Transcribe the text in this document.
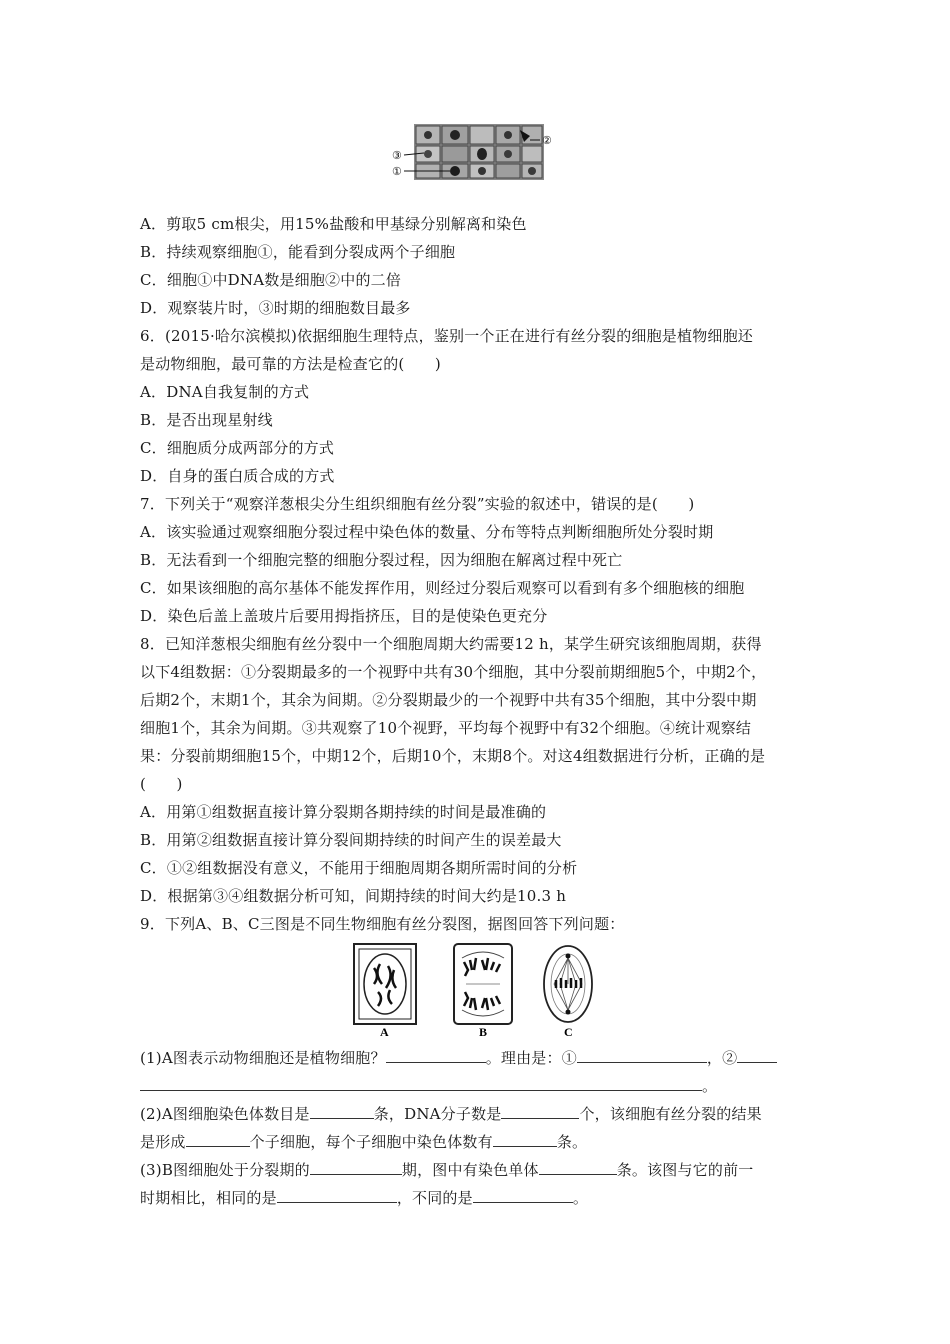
③
①
②
A．剪取5 cm根尖，用15%盐酸和甲基绿分别解离和染色
B．持续观察细胞①，能看到分裂成两个子细胞
C．细胞①中DNA数是细胞②中的二倍
D．观察装片时，③时期的细胞数目最多
6．(2015·哈尔滨模拟)依据细胞生理特点，鉴别一个正在进行有丝分裂的细胞是植物细胞还
是动物细胞，最可靠的方法是检查它的(　　)
A．DNA自我复制的方式
B．是否出现星射线
C．细胞质分成两部分的方式
D．自身的蛋白质合成的方式
7．下列关于“观察洋葱根尖分生组织细胞有丝分裂”实验的叙述中，错误的是(　　)
A．该实验通过观察细胞分裂过程中染色体的数量、分布等特点判断细胞所处分裂时期
B．无法看到一个细胞完整的细胞分裂过程，因为细胞在解离过程中死亡
C．如果该细胞的高尔基体不能发挥作用，则经过分裂后观察可以看到有多个细胞核的细胞
D．染色后盖上盖玻片后要用拇指挤压，目的是使染色更充分
8．已知洋葱根尖细胞有丝分裂中一个细胞周期大约需要12 h，某学生研究该细胞周期，获得
以下4组数据：①分裂期最多的一个视野中共有30个细胞，其中分裂前期细胞5个，中期2个，
后期2个，末期1个，其余为间期。②分裂期最少的一个视野中共有35个细胞，其中分裂中期
细胞1个，其余为间期。③共观察了10个视野，平均每个视野中有32个细胞。④统计观察结
果：分裂前期细胞15个，中期12个，后期10个，末期8个。对这4组数据进行分析，正确的是
(　　)
A．用第①组数据直接计算分裂期各期持续的时间是最准确的
B．用第②组数据直接计算分裂间期持续的时间产生的误差最大
C．①②组数据没有意义，不能用于细胞周期各期所需时间的分析
D．根据第③④组数据分析可知，间期持续的时间大约是10.3 h
9．下列A、B、C三图是不同生物细胞有丝分裂图，据图回答下列问题：
A	B	C
(1)A图表示动物细胞还是植物细胞？	。理由是：①	，②
。
(2)A图细胞染色体数目是	条，DNA分子数是	个，该细胞有丝分裂的结果
是形成	个子细胞，每个子细胞中染色体数有	条。
(3)B图细胞处于分裂期的	期，图中有染色单体	条。该图与它的前一
时期相比，相同的是	，不同的是	。
